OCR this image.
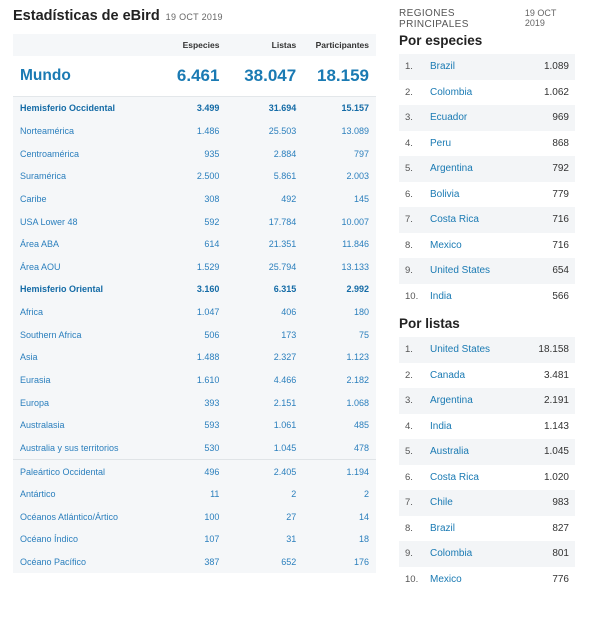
Estadísticas de eBird 19 OCT 2019
Especies	Listas	Participantes
Mundo	6.461	38.047	18.159
Hemisferio Occidental	3.499	31.694	15.157
Norteamérica	1.486	25.503	13.089
Centroamérica	935	2.884	797
Suramérica	2.500	5.861	2.003
Caribe	308	492	145
USA Lower 48	592	17.784	10.007
Área ABA	614	21.351	11.846
Área AOU	1.529	25.794	13.133
Hemisferio Oriental	3.160	6.315	2.992
Africa	1.047	406	180
Southern Africa	506	173	75
Asia	1.488	2.327	1.123
Eurasia	1.610	4.466	2.182
Europa	393	2.151	1.068
Australasia	593	1.061	485
Australia y sus territorios	530	1.045	478
Paleártico Occidental	496	2.405	1.194
Antártico	11	2	2
Océanos Atlántico/Ártico	100	27	14
Océano Índico	107	31	18
Océano Pacífico	387	652	176
REGIONES PRINCIPALES
19 OCT 2019
Por especies
1.	Brazil	1.089
2.	Colombia	1.062
3.	Ecuador	969
4.	Peru	868
5.	Argentina	792
6.	Bolivia	779
7.	Costa Rica	716
8.	Mexico	716
9.	United States	654
10.	India	566
Por listas
1.	United States	18.158
2.	Canada	3.481
3.	Argentina	2.191
4.	India	1.143
5.	Australia	1.045
6.	Costa Rica	1.020
7.	Chile	983
8.	Brazil	827
9.	Colombia	801
10.	Mexico	776
